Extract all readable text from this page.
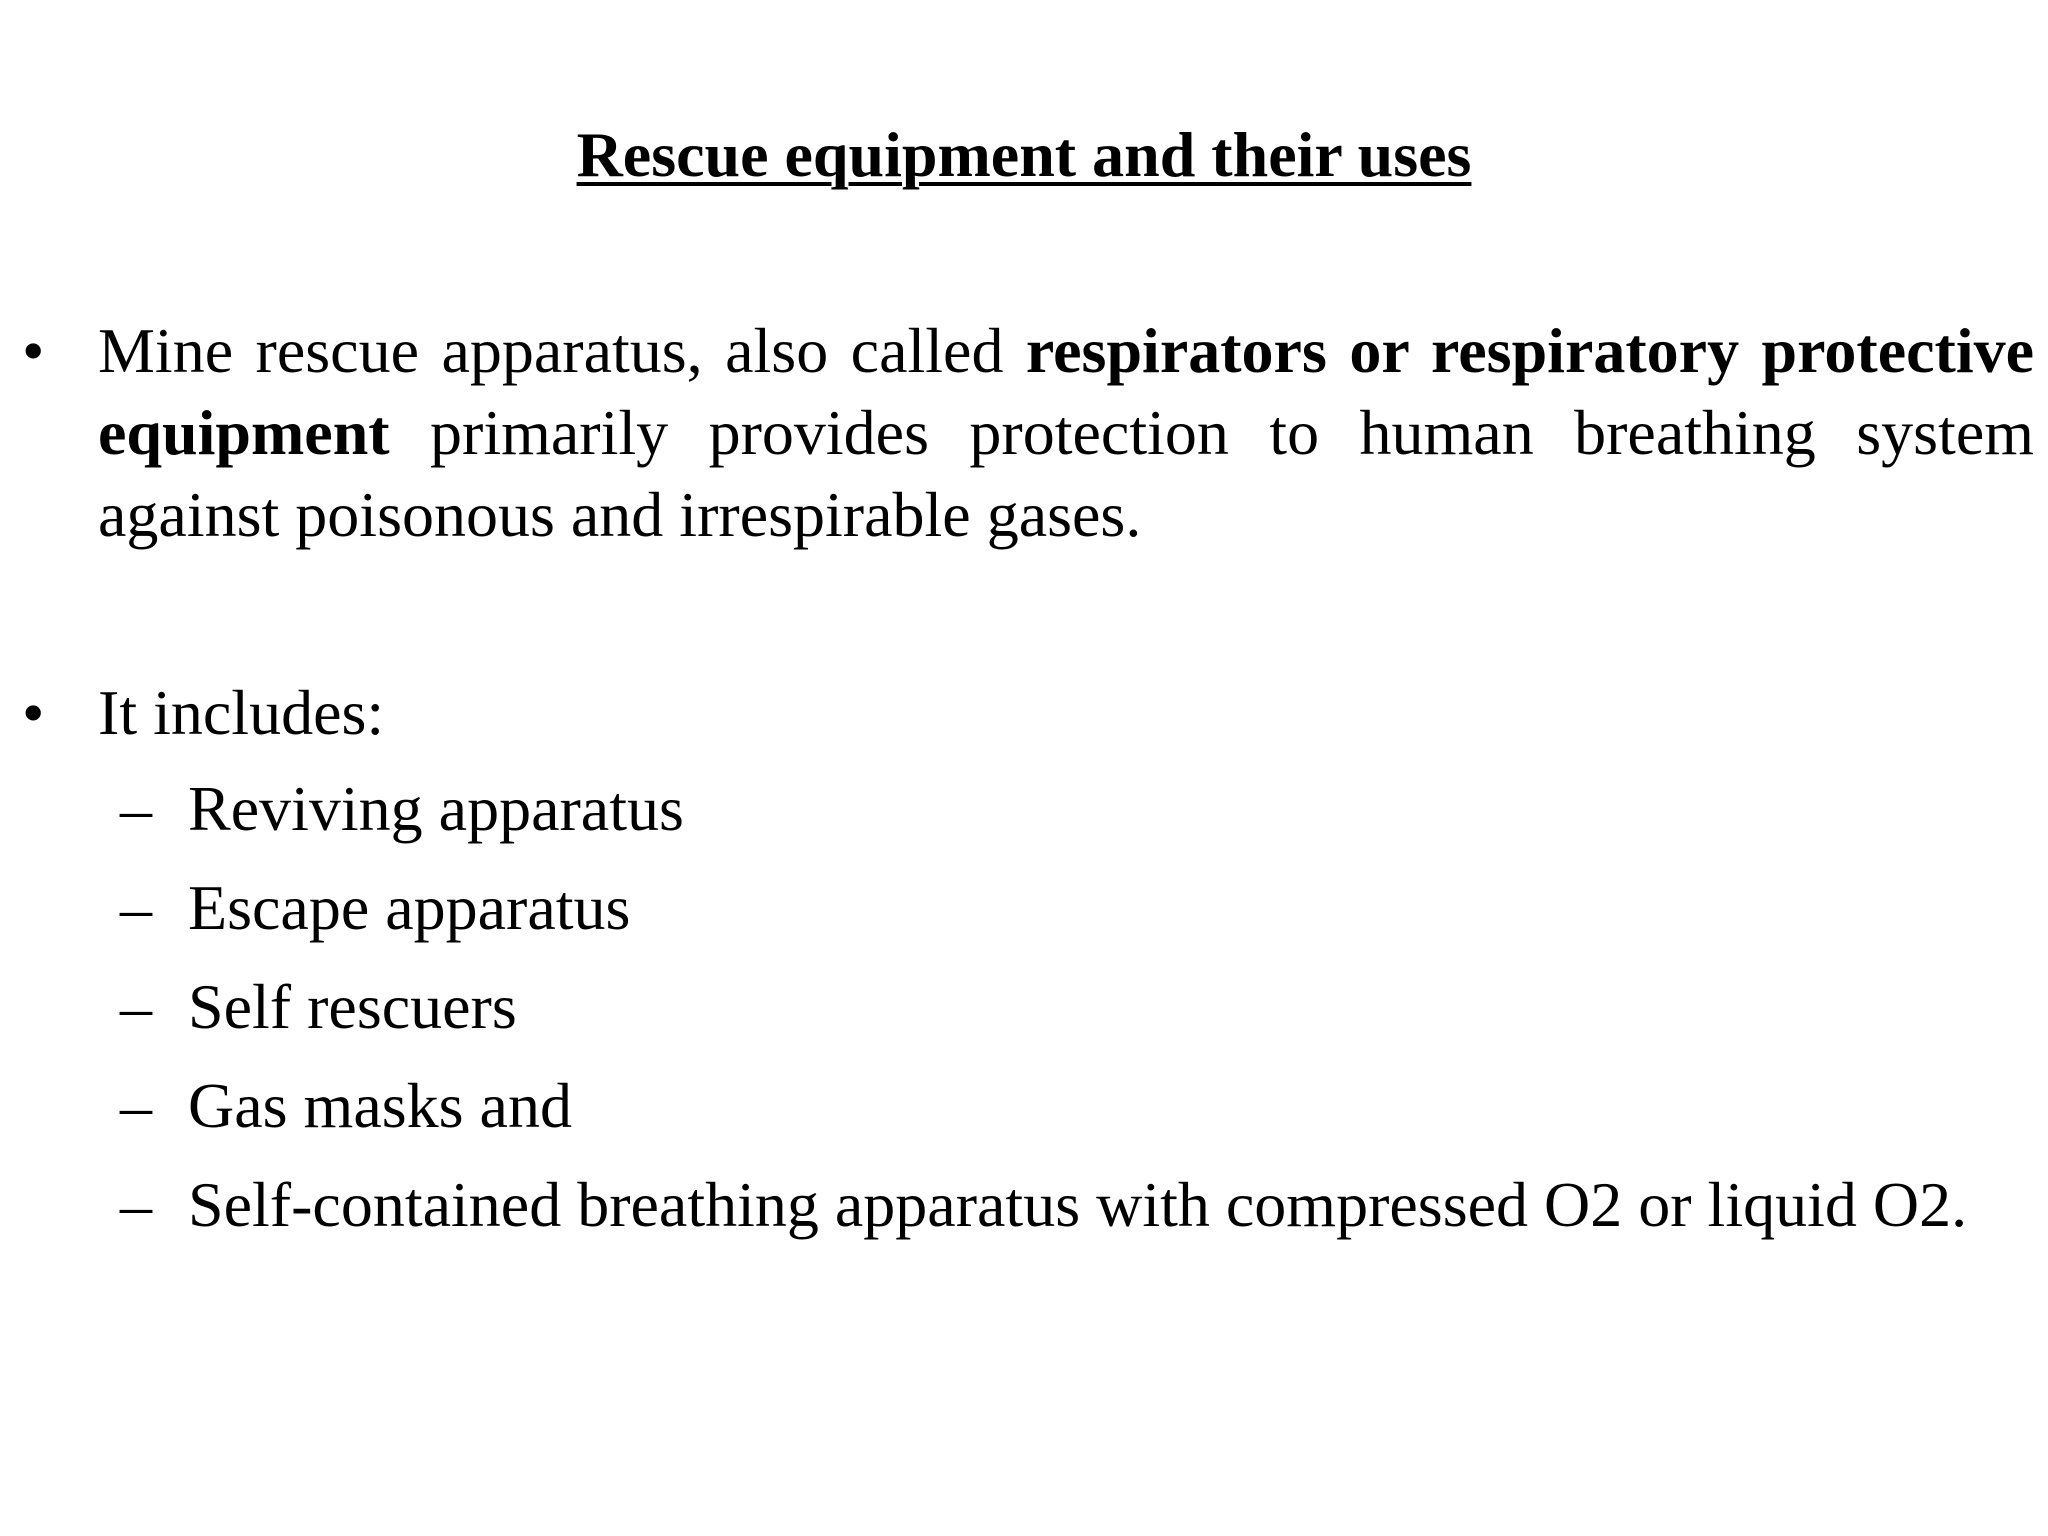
Rescue equipment and their uses
• Mine rescue apparatus, also called respirators or respiratory protective equipment primarily provides protection to human breathing system against poisonous and irrespirable gases.
• It includes:
– Reviving apparatus
– Escape apparatus
– Self rescuers
– Gas masks and
– Self-contained breathing apparatus with compressed O2 or liquid O2.
